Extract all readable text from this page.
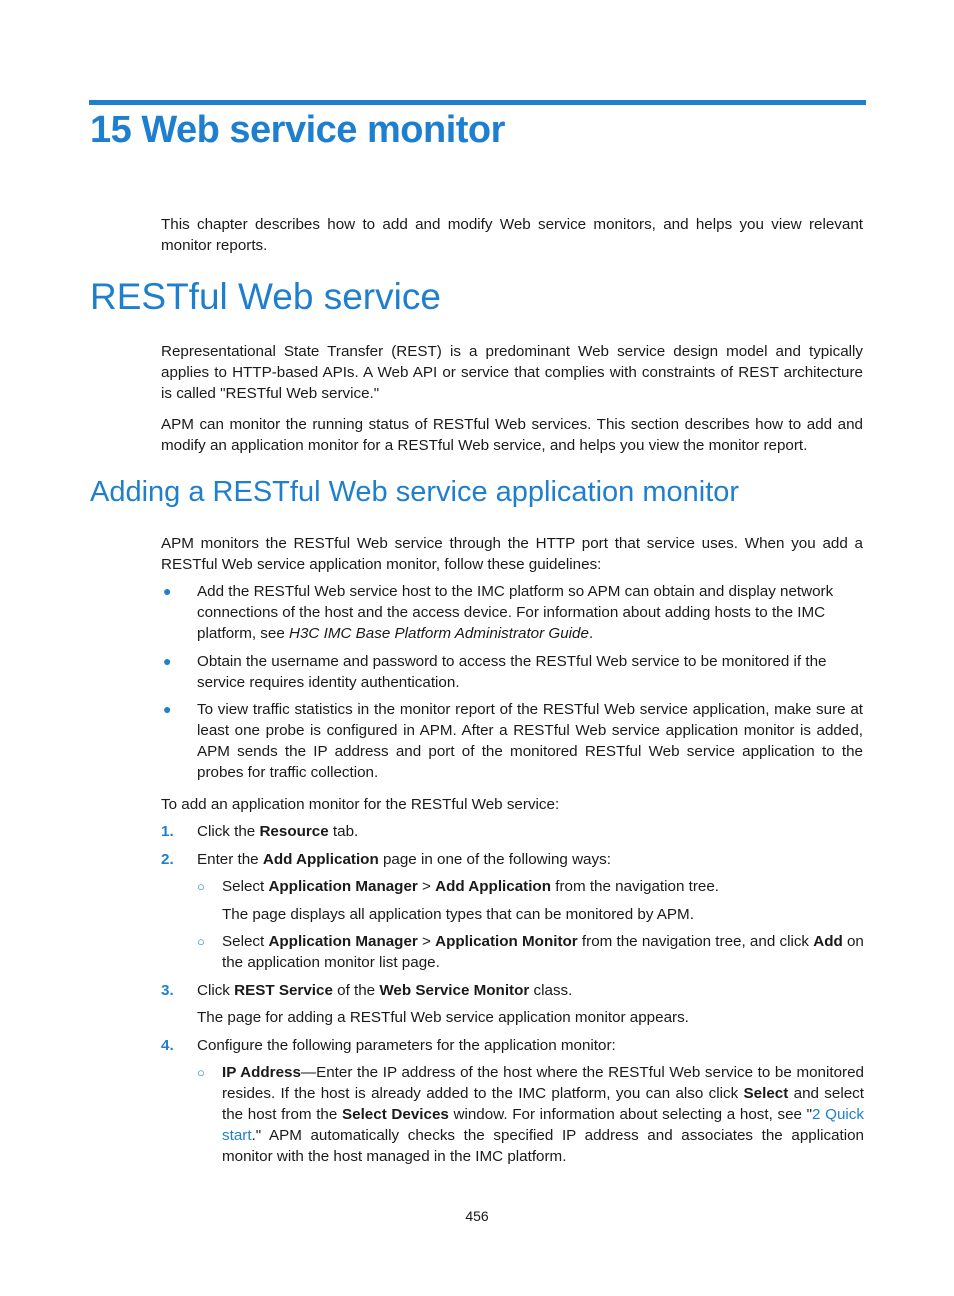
15 Web service monitor
This chapter describes how to add and modify Web service monitors, and helps you view relevant monitor reports.
RESTful Web service
Representational State Transfer (REST) is a predominant Web service design model and typically applies to HTTP-based APIs. A Web API or service that complies with constraints of REST architecture is called "RESTful Web service."
APM can monitor the running status of RESTful Web services. This section describes how to add and modify an application monitor for a RESTful Web service, and helps you view the monitor report.
Adding a RESTful Web service application monitor
APM monitors the RESTful Web service through the HTTP port that service uses. When you add a RESTful Web service application monitor, follow these guidelines:
● Add the RESTful Web service host to the IMC platform so APM can obtain and display network connections of the host and the access device. For information about adding hosts to the IMC platform, see H3C IMC Base Platform Administrator Guide.
● Obtain the username and password to access the RESTful Web service to be monitored if the service requires identity authentication.
● To view traffic statistics in the monitor report of the RESTful Web service application, make sure at least one probe is configured in APM. After a RESTful Web service application monitor is added, APM sends the IP address and port of the monitored RESTful Web service application to the probes for traffic collection.
To add an application monitor for the RESTful Web service:
1. Click the Resource tab.
2. Enter the Add Application page in one of the following ways:
○ Select Application Manager > Add Application from the navigation tree.
The page displays all application types that can be monitored by APM.
○ Select Application Manager > Application Monitor from the navigation tree, and click Add on the application monitor list page.
3. Click REST Service of the Web Service Monitor class.
The page for adding a RESTful Web service application monitor appears.
4. Configure the following parameters for the application monitor:
○ IP Address—Enter the IP address of the host where the RESTful Web service to be monitored resides. If the host is already added to the IMC platform, you can also click Select and select the host from the Select Devices window. For information about selecting a host, see "2 Quick start." APM automatically checks the specified IP address and associates the application monitor with the host managed in the IMC platform.
456
